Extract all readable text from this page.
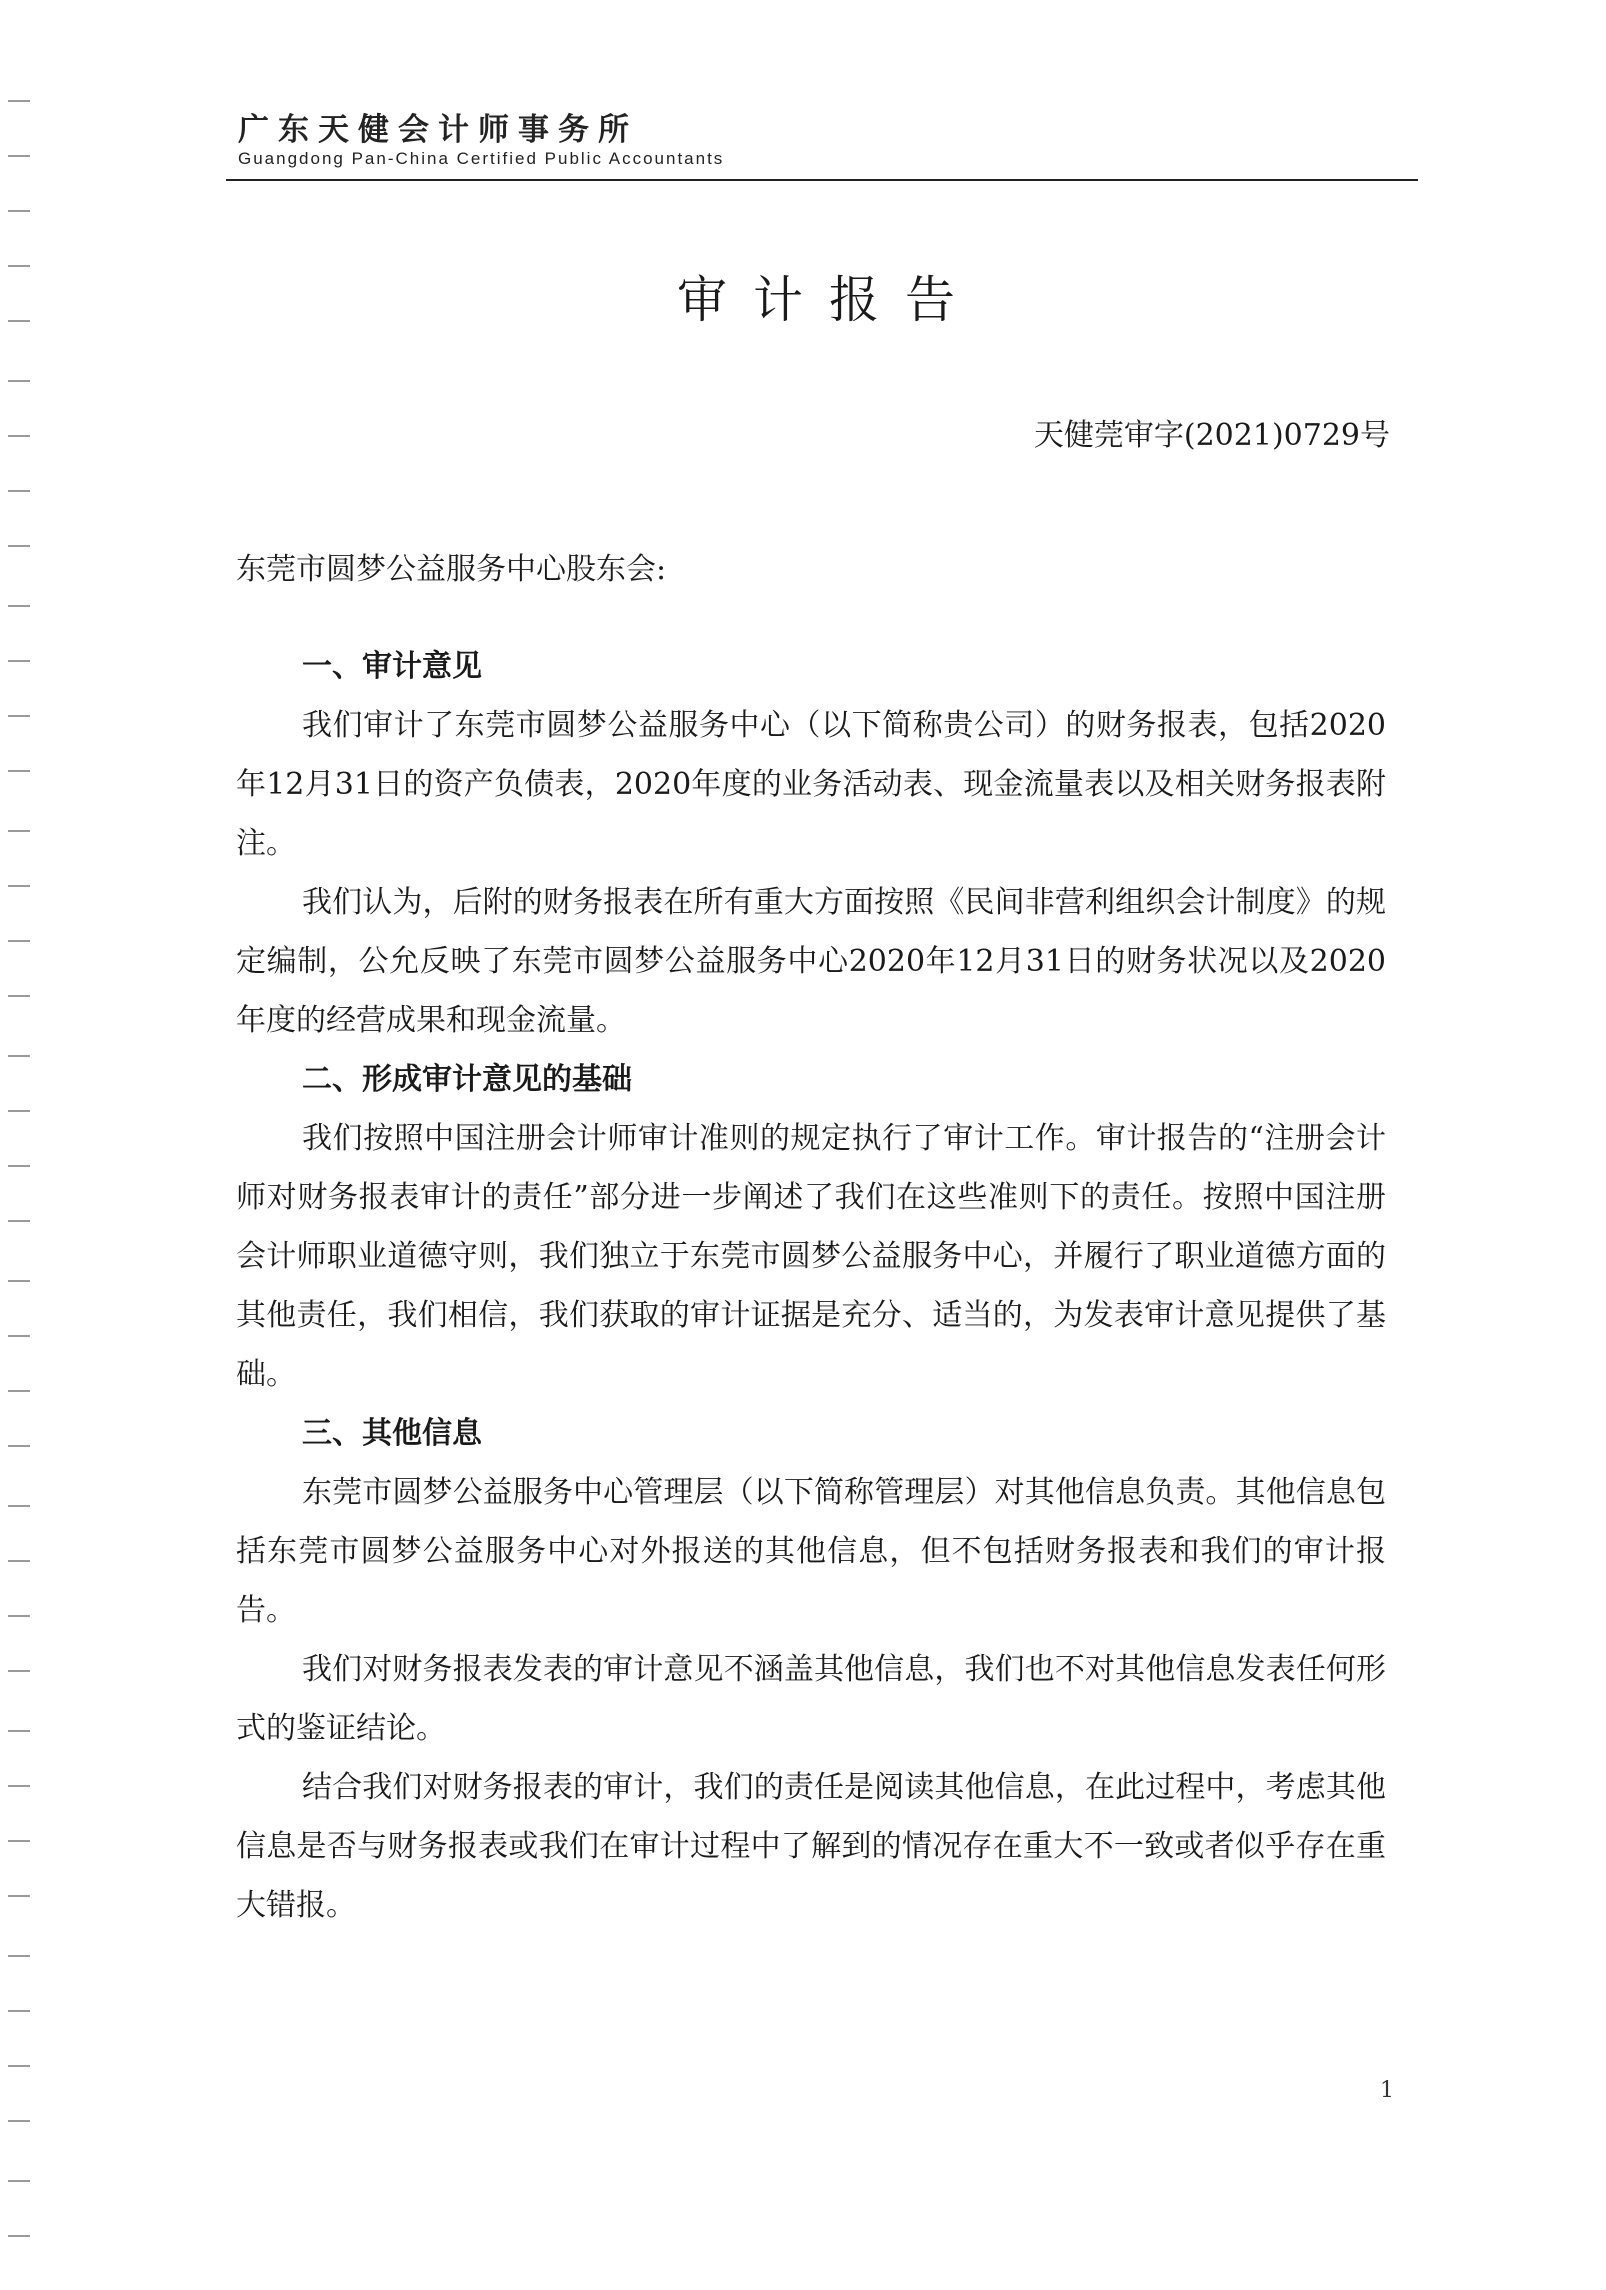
广东天健会计师事务所
Guangdong Pan-China Certified Public Accountants
审计报告
天健莞审字(2021)0729号

东莞市圆梦公益服务中心股东会:

一、审计意见

我们审计了东莞市圆梦公益服务中心（以下简称贵公司）的财务报表，包括2020年12月31日的资产负债表，2020年度的业务活动表、现金流量表以及相关财务报表附注。

我们认为，后附的财务报表在所有重大方面按照《民间非营利组织会计制度》的规定编制，公允反映了东莞市圆梦公益服务中心2020年12月31日的财务状况以及2020年度的经营成果和现金流量。

二、形成审计意见的基础

我们按照中国注册会计师审计准则的规定执行了审计工作。审计报告的“注册会计师对财务报表审计的责任”部分进一步阐述了我们在这些准则下的责任。按照中国注册会计师职业道德守则，我们独立于东莞市圆梦公益服务中心，并履行了职业道德方面的其他责任，我们相信，我们获取的审计证据是充分、适当的，为发表审计意见提供了基础。

三、其他信息

东莞市圆梦公益服务中心管理层（以下简称管理层）对其他信息负责。其他信息包括东莞市圆梦公益服务中心对外报送的其他信息，但不包括财务报表和我们的审计报告。

我们对财务报表发表的审计意见不涵盖其他信息，我们也不对其他信息发表任何形式的鉴证结论。

结合我们对财务报表的审计，我们的责任是阅读其他信息，在此过程中，考虑其他信息是否与财务报表或我们在审计过程中了解到的情况存在重大不一致或者似乎存在重大错报。

1
